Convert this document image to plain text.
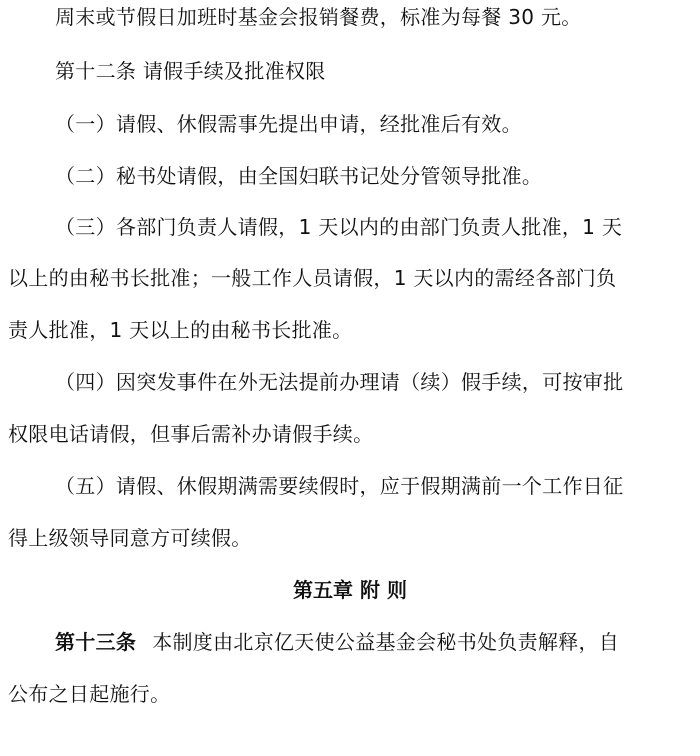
周末或节假日加班时基金会报销餐费，标准为每餐 30 元。
第十二条 请假手续及批准权限
（一）请假、休假需事先提出申请，经批准后有效。
（二）秘书处请假，由全国妇联书记处分管领导批准。
（三）各部门负责人请假，1 天以内的由部门负责人批准，1 天
以上的由秘书长批准；一般工作人员请假，1 天以内的需经各部门负
责人批准，1 天以上的由秘书长批准。
（四）因突发事件在外无法提前办理请（续）假手续，可按审批
权限电话请假，但事后需补办请假手续。
（五）请假、休假期满需要续假时，应于假期满前一个工作日征
得上级领导同意方可续假。
第五章 附 则
第十三条 本制度由北京亿天使公益基金会秘书处负责解释，自
公布之日起施行。
